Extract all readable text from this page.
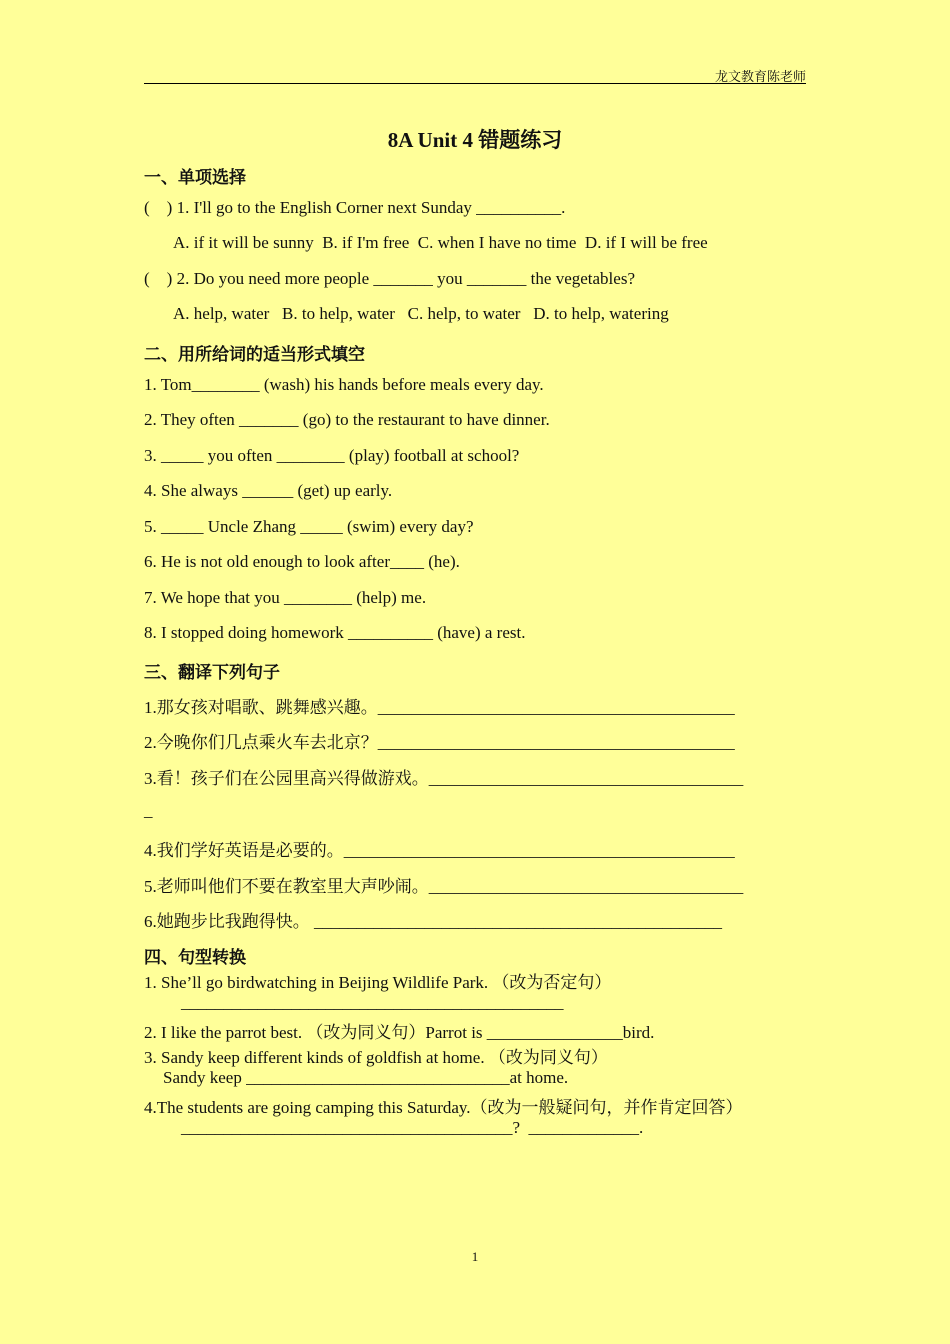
龙文教育陈老师
8A Unit 4 错题练习
一、单项选择
(    ) 1. I'll go to the English Corner next Sunday __________.
A. if it will be sunny  B. if I'm free  C. when I have no time  D. if I will be free
(    ) 2. Do you need more people _______ you _______ the vegetables?
A. help, water   B. to help, water   C. help, to water   D. to help, watering
二、用所给词的适当形式填空
1. Tom________ (wash) his hands before meals every day.
2. They often _______ (go) to the restaurant to have dinner.
3. _____ you often ________ (play) football at school?
4. She always ______ (get) up early.
5. _____ Uncle Zhang _____ (swim) every day?
6. He is not old enough to look after____ (he).
7. We hope that you ________ (help) me.
8. I stopped doing homework __________ (have) a rest.
三、翻译下列句子
1.那女孩对唱歌、跳舞感兴趣。__________________________________________
2.今晚你们几点乘火车去北京？__________________________________________
3.看！孩子们在公园里高兴得做游戏。_____________________________________
_
4.我们学好英语是必要的。______________________________________________
5.老师叫他们不要在教室里大声吵闹。_____________________________________
6.她跑步比我跑得快。 ________________________________________________
四、句型转换
1. She’ll go birdwatching in Beijing Wildlife Park. （改为否定句）
_____________________________________________
2. I like the parrot best. （改为同义句）Parrot is ________________bird.
3. Sandy keep different kinds of goldfish at home. （改为同义句）
Sandy keep _______________________________at home.
4.The students are going camping this Saturday.（改为一般疑问句，并作肯定回答）
_______________________________________?  _____________.
1
